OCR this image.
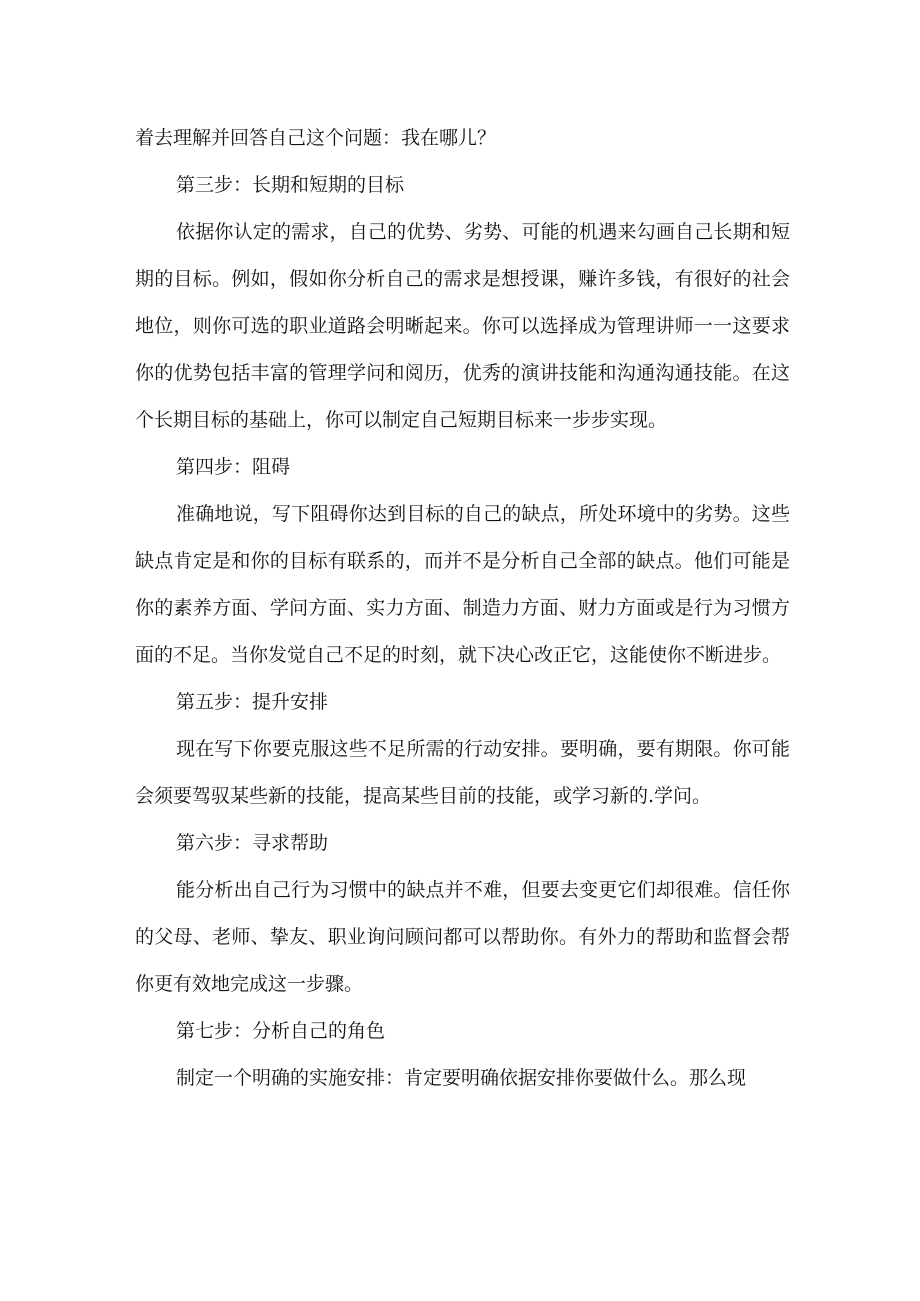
着去理解并回答自己这个问题：我在哪儿？

第三步：长期和短期的目标

依据你认定的需求，自己的优势、劣势、可能的机遇来勾画自己长期和短期的目标。例如，假如你分析自己的需求是想授课，赚许多钱，有很好的社会地位，则你可选的职业道路会明晰起来。你可以选择成为管理讲师一一这要求你的优势包括丰富的管理学问和阅历，优秀的演讲技能和沟通沟通技能。在这个长期目标的基础上，你可以制定自己短期目标来一步步实现。

第四步：阻碍

准确地说，写下阻碍你达到目标的自己的缺点，所处环境中的劣势。这些缺点肯定是和你的目标有联系的，而并不是分析自己全部的缺点。他们可能是你的素养方面、学问方面、实力方面、制造力方面、财力方面或是行为习惯方面的不足。当你发觉自己不足的时刻，就下决心改正它，这能使你不断进步。

第五步：提升安排

现在写下你要克服这些不足所需的行动安排。要明确，要有期限。你可能会须要驾驭某些新的技能，提高某些目前的技能，或学习新的.学问。

第六步：寻求帮助

能分析出自己行为习惯中的缺点并不难，但要去变更它们却很难。信任你的父母、老师、挚友、职业询问顾问都可以帮助你。有外力的帮助和监督会帮你更有效地完成这一步骤。

第七步：分析自己的角色

制定一个明确的实施安排：肯定要明确依据安排你要做什么。那么现
